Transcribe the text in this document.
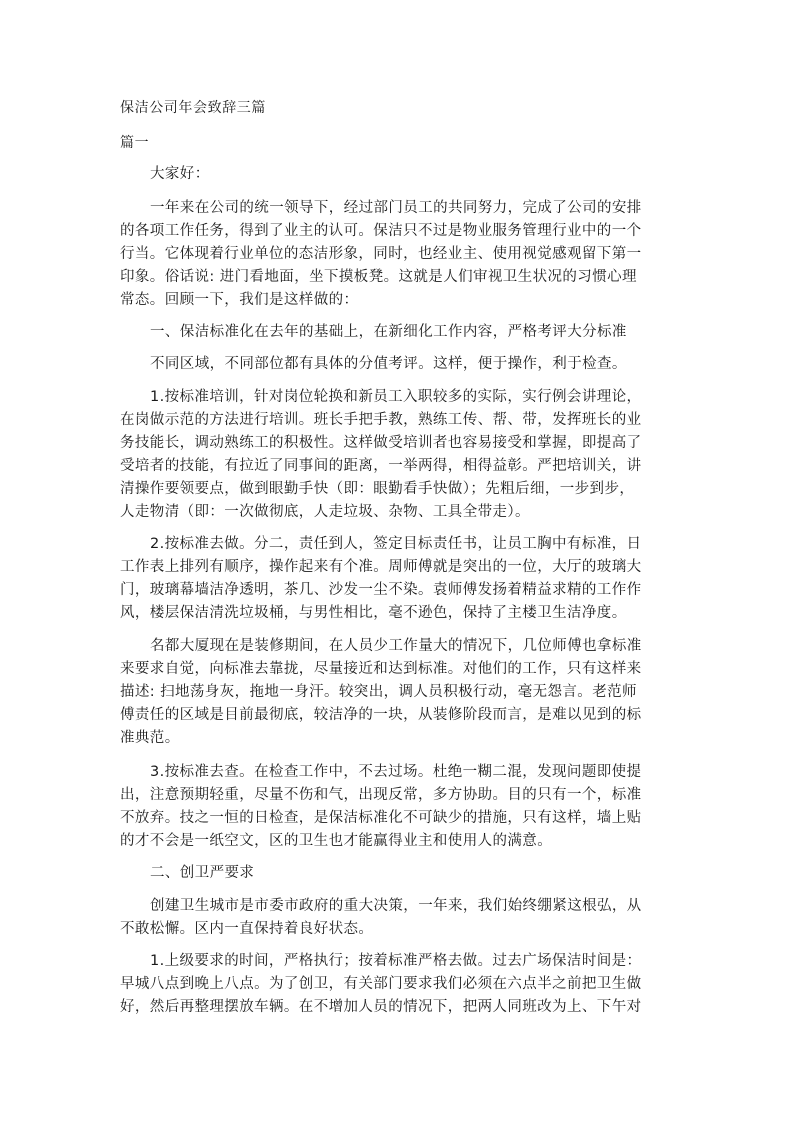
保洁公司年会致辞三篇
篇一
大家好：
一年来在公司的统一领导下，经过部门员工的共同努力，完成了公司的安排
的各项工作任务，得到了业主的认可。保洁只不过是物业服务管理行业中的一个
行当。它体现着行业单位的态洁形象，同时，也经业主、使用视觉感观留下第一
印象。俗话说: 进门看地面，坐下摸板凳。这就是人们审视卫生状况的习惯心理
常态。回顾一下，我们是这样做的：
一、保洁标准化在去年的基础上，在新细化工作内容，严格考评大分标准
不同区域，不同部位都有具体的分值考评。这样，便于操作，利于检查。
1.按标准培训，针对岗位轮换和新员工入职较多的实际，实行例会讲理论，
在岗做示范的方法进行培训。班长手把手教，熟练工传、帮、带，发挥班长的业
务技能长，调动熟练工的积极性。这样做受培训者也容易接受和掌握，即提高了
受培者的技能，有拉近了同事间的距离，一举两得，相得益彰。严把培训关，讲
清操作要领要点，做到眼勤手快（即：眼勤看手快做）；先粗后细，一步到步，
人走物清（即：一次做彻底，人走垃圾、杂物、工具全带走）。
2.按标准去做。分二，责任到人，签定目标责任书，让员工胸中有标准，日
工作表上排列有顺序，操作起来有个准。周师傅就是突出的一位，大厅的玻璃大
门，玻璃幕墙洁净透明，茶几、沙发一尘不染。袁师傅发扬着精益求精的工作作
风，楼层保洁清洗垃圾桶，与男性相比，毫不逊色，保持了主楼卫生洁净度。
名都大厦现在是装修期间，在人员少工作量大的情况下，几位师傅也拿标准
来要求自觉，向标准去靠拢，尽量接近和达到标准。对他们的工作，只有这样来
描述: 扫地荡身灰，拖地一身汗。较突出，调人员积极行动，毫无怨言。老范师
傅责任的区域是目前最彻底，较洁净的一块，从装修阶段而言，是难以见到的标
准典范。
3.按标准去查。在检查工作中，不去过场。杜绝一糊二混，发现问题即使提
出，注意预期轻重，尽量不伤和气，出现反常，多方协助。目的只有一个，标准
不放弃。技之一恒的日检查，是保洁标准化不可缺少的措施，只有这样，墙上贴
的才不会是一纸空文，区的卫生也才能赢得业主和使用人的满意。
二、创卫严要求
创建卫生城市是市委市政府的重大决策，一年来，我们始终绷紧这根弘，从
不敢松懈。区内一直保持着良好状态。
1.上级要求的时间，严格执行；按着标准严格去做。过去广场保洁时间是：
早城八点到晚上八点。为了创卫，有关部门要求我们必须在六点半之前把卫生做
好，然后再整理摆放车辆。在不增加人员的情况下，把两人同班改为上、下午对
